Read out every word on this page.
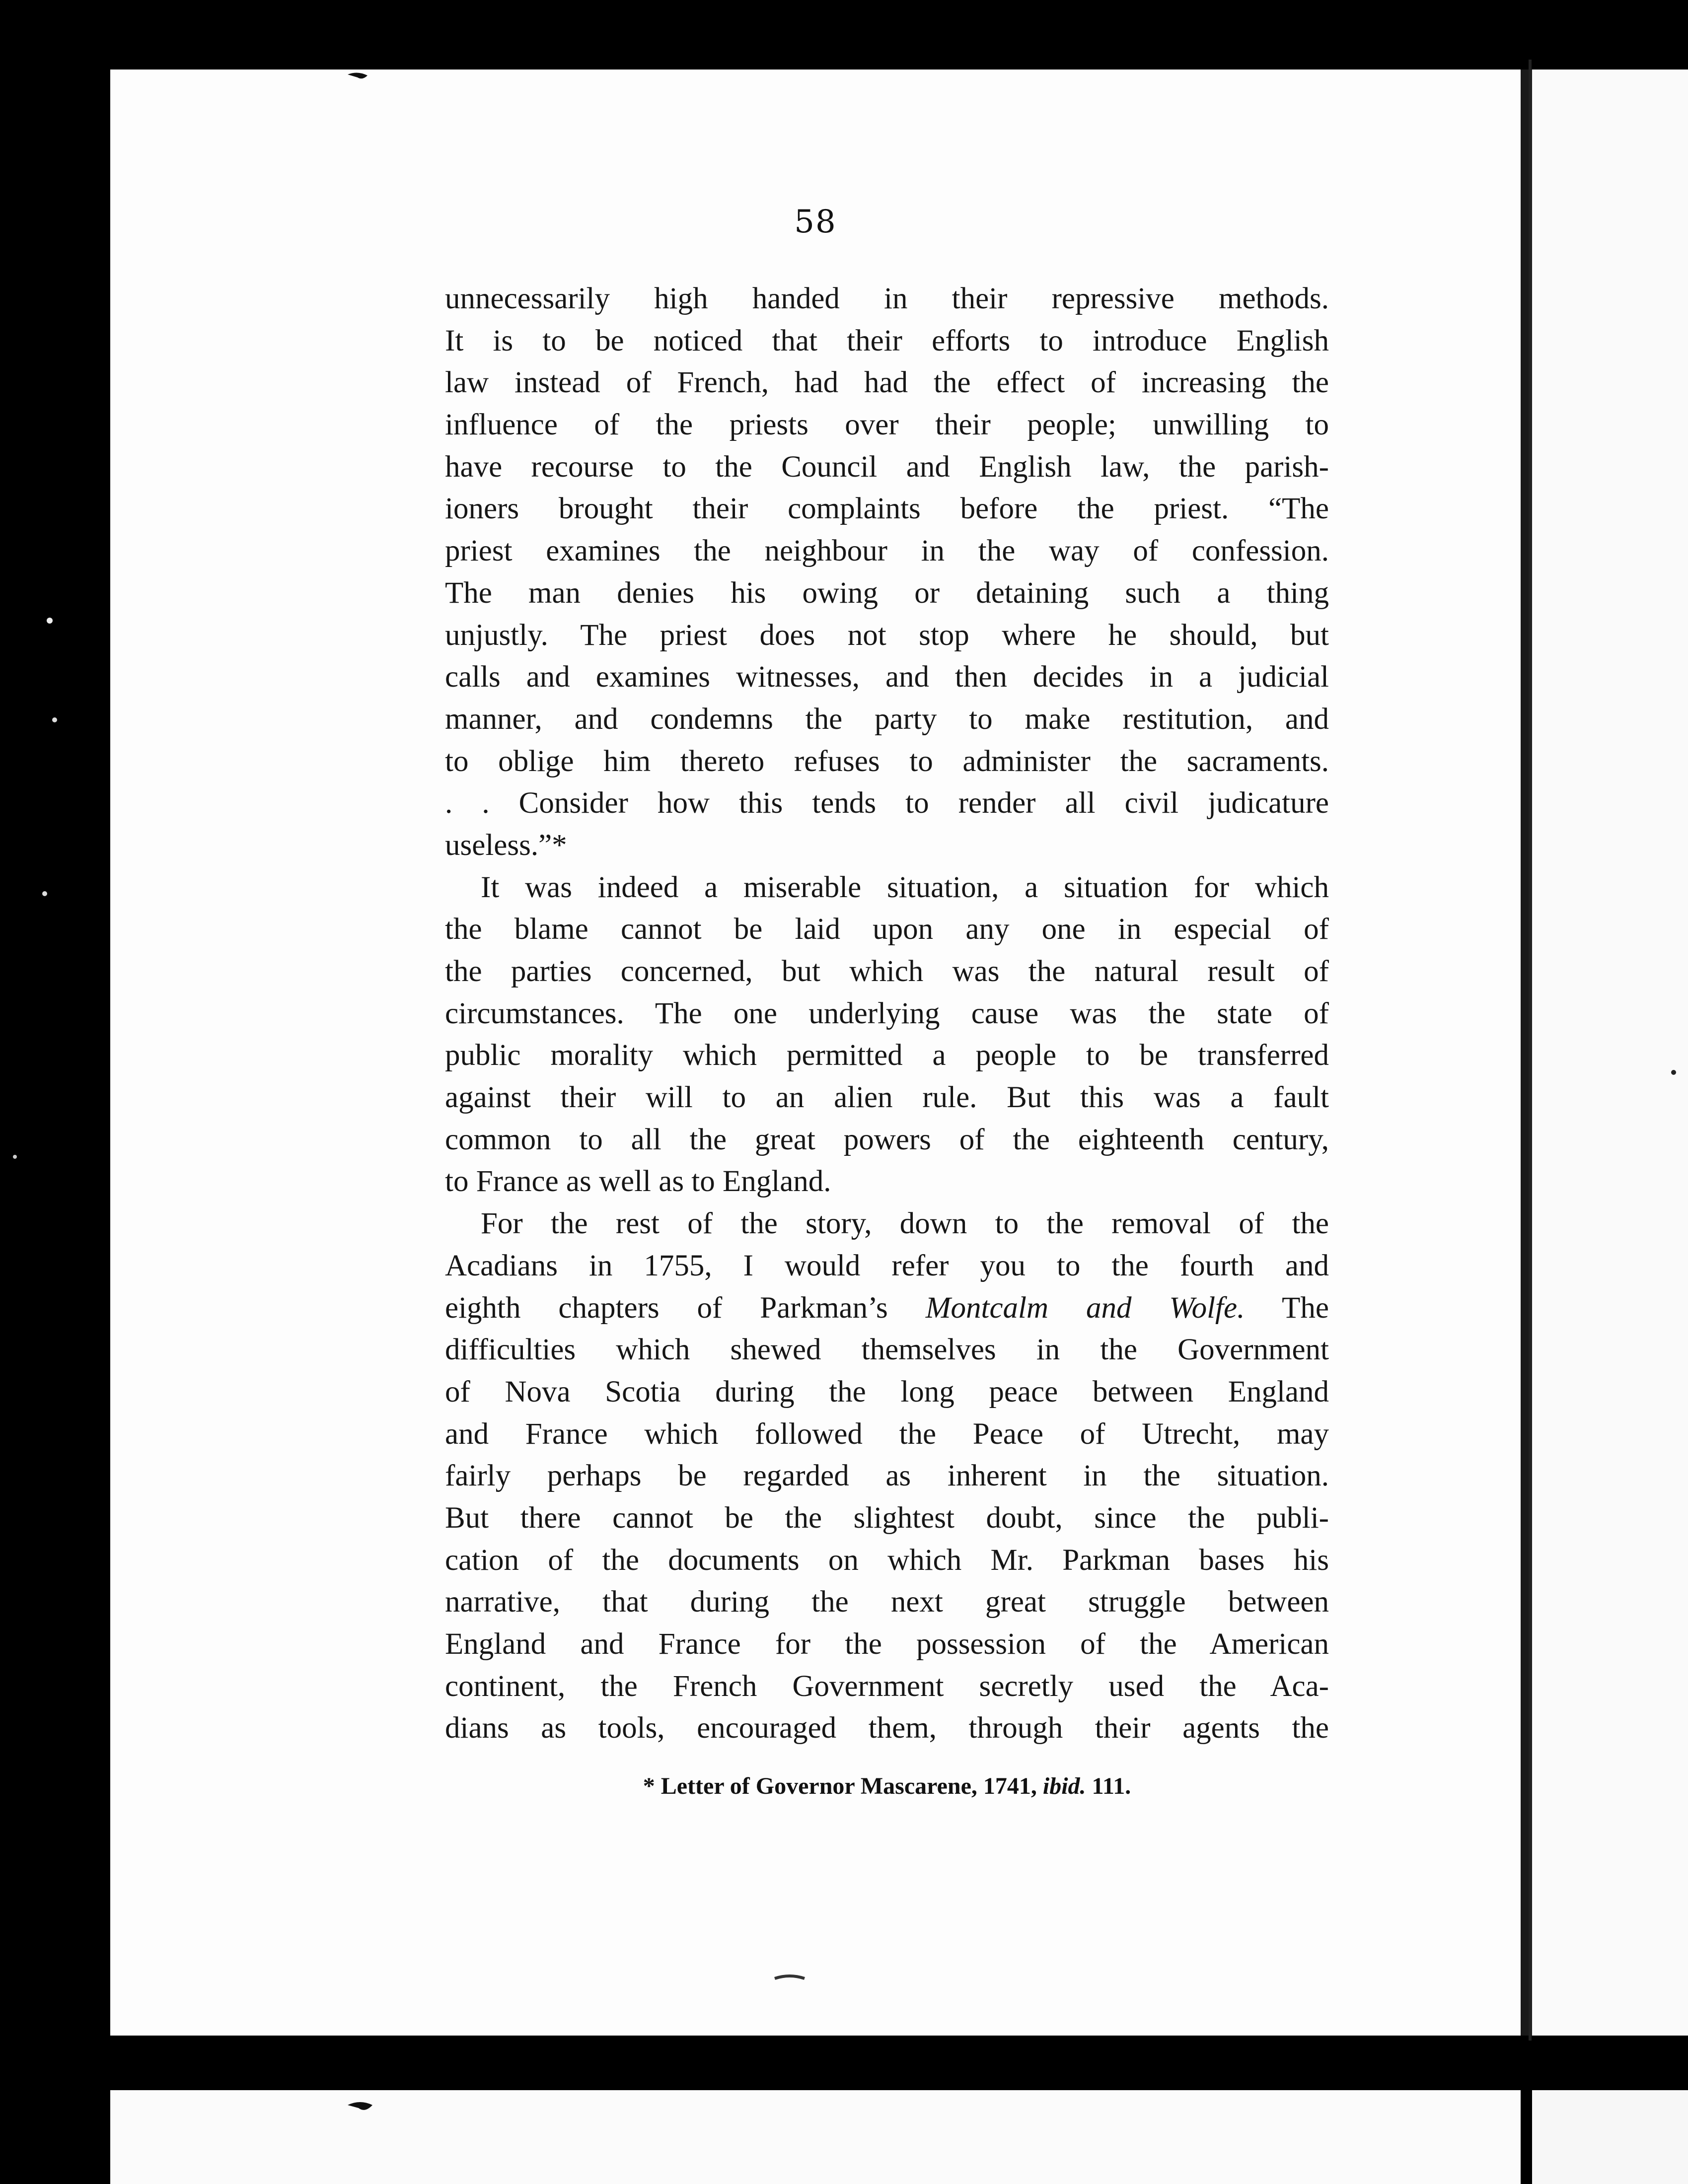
58
unnecessarily high handed in their repressive methods.
It is to be noticed that their efforts to introduce English
law instead of French, had had the effect of increasing the
influence of the priests over their people; unwilling to
have recourse to the Council and English law, the parish-
ioners brought their complaints before the priest. “The
priest examines the neighbour in the way of confession.
The man denies his owing or detaining such a thing
unjustly. The priest does not stop where he should, but
calls and examines witnesses, and then decides in a judicial
manner, and condemns the party to make restitution, and
to oblige him thereto refuses to administer the sacraments.
. . Consider how this tends to render all civil judicature
useless.”*
It was indeed a miserable situation, a situation for which
the blame cannot be laid upon any one in especial of
the parties concerned, but which was the natural result of
circumstances. The one underlying cause was the state of
public morality which permitted a people to be transferred
against their will to an alien rule. But this was a fault
common to all the great powers of the eighteenth century,
to France as well as to England.
For the rest of the story, down to the removal of the
Acadians in 1755, I would refer you to the fourth and
eighth chapters of Parkman’s Montcalm and Wolfe. The
difficulties which shewed themselves in the Government
of Nova Scotia during the long peace between England
and France which followed the Peace of Utrecht, may
fairly perhaps be regarded as inherent in the situation.
But there cannot be the slightest doubt, since the publi-
cation of the documents on which Mr. Parkman bases his
narrative, that during the next great struggle between
England and France for the possession of the American
continent, the French Government secretly used the Aca-
dians as tools, encouraged them, through their agents the
* Letter of Governor Mascarene, 1741, ibid. 111.
